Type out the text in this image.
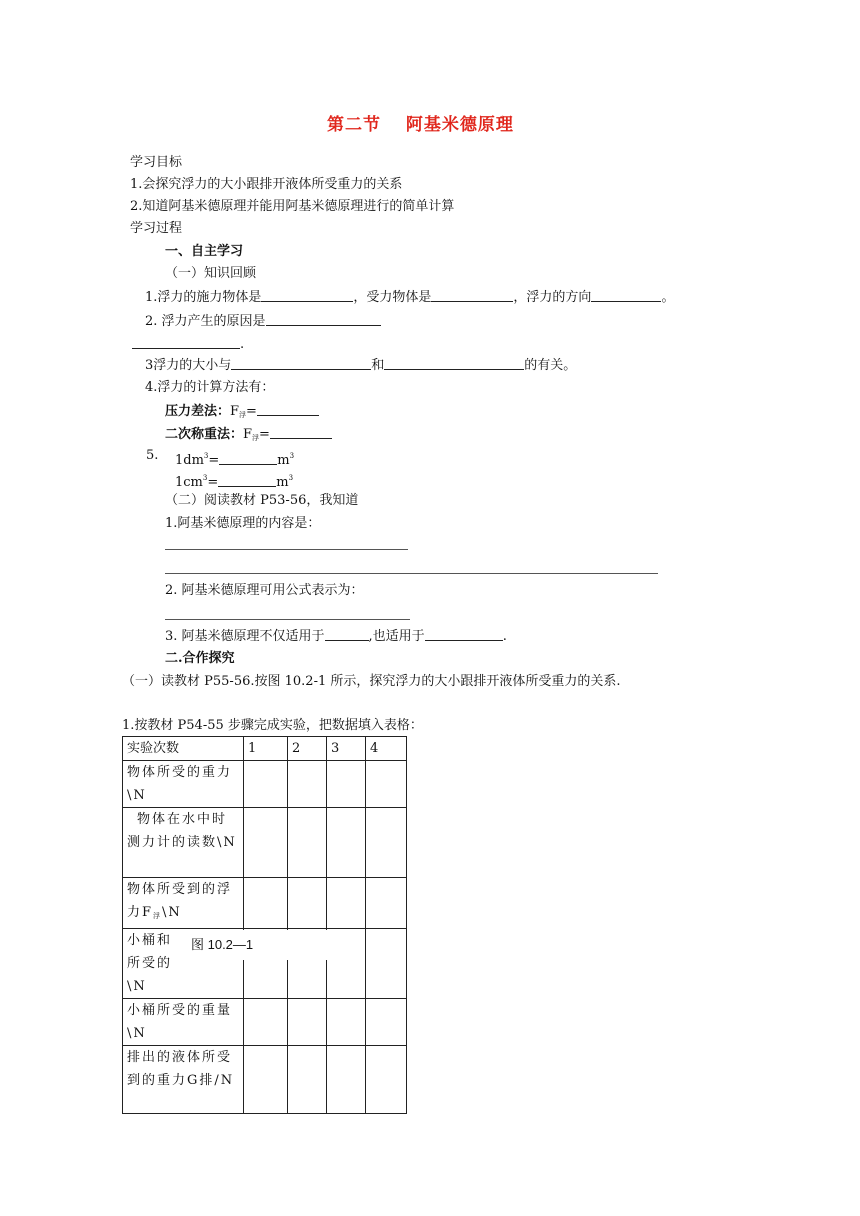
第二节　 阿基米德原理
学习目标
1.会探究浮力的大小跟排开液体所受重力的关系
2.知道阿基米德原理并能用阿基米德原理进行的简单计算
学习过程
一、自主学习
（一）知识回顾
1.浮力的施力物体是	，受力物体是	，浮力的方向	。
2. 浮力产生的原因是
.
3浮力的大小与	和	的有关。
4.浮力的计算方法有：
压力差法：$F_浮=$
二次称重法：$F_浮=$
5. $1dm^3=$	$m^3$
$1cm^3=$	$m^3$
（二）阅读教材 P53-56，我知道
1.阿基米德原理的内容是：
2. 阿基米德原理可用公式表示为：
3. 阿基米德原理不仅适用于	,也适用于	.
二.合作探究
（一）读教材 P55-56.按图 10.2-1 所示，探究浮力的大小跟排开液体所受重力的关系.
1.按教材 P54-55 步骤完成实验，把数据填入表格：
实验次数	1	2	3	4
物体所受的重力\N				
物体在水中时测力计的读数\N				
物体所受到的浮力$F_浮\backslash N$				

小桶和
所受的
\N				

小桶所受的重量\N				
排出的液体所受到的重力G排/N				
图 10.2—1
